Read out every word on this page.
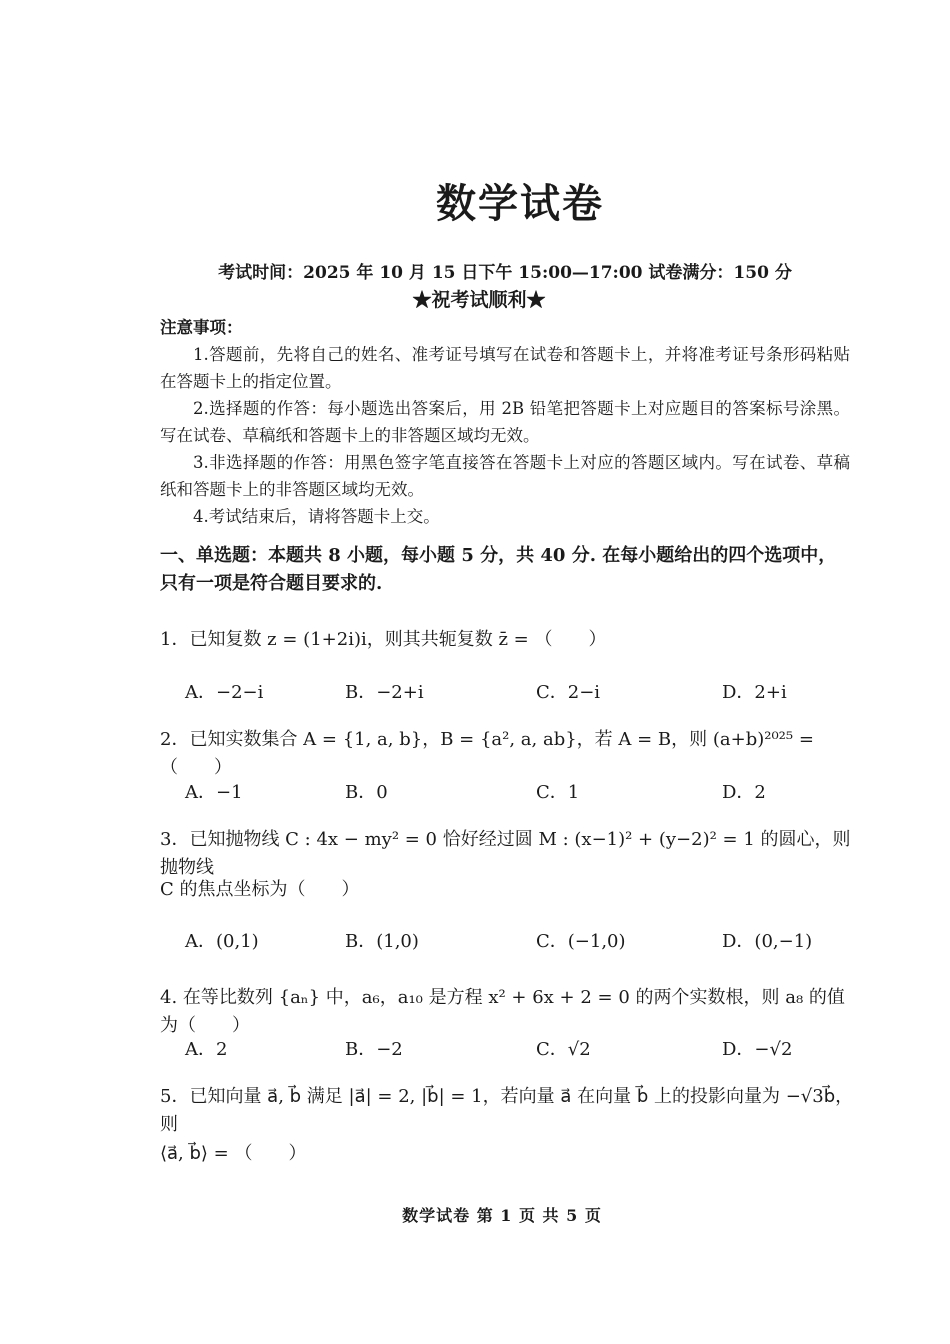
数学试卷
考试时间：2025 年 10 月 15 日下午 15:00—17:00 试卷满分：150 分
★祝考试顺利★
注意事项：
1.答题前，先将自己的姓名、准考证号填写在试卷和答题卡上，并将准考证号条形码粘贴在答题卡上的指定位置。
2.选择题的作答：每小题选出答案后，用 2B 铅笔把答题卡上对应题目的答案标号涂黑。写在试卷、草稿纸和答题卡上的非答题区域均无效。
3.非选择题的作答：用黑色签字笔直接答在答题卡上对应的答题区域内。写在试卷、草稿纸和答题卡上的非答题区域均无效。
4.考试结束后，请将答题卡上交。
一、单选题：本题共 8 小题，每小题 5 分，共 40 分. 在每小题给出的四个选项中，只有一项是符合题目要求的.
1．已知复数 z = (1+2i)i，则其共轭复数 z̄ = （　　）
A．−2−i	B．−2+i	C．2−i	D．2+i
2．已知实数集合 A = {1, a, b}，B = {a², a, ab}，若 A = B，则 (a+b)²⁰²⁵ = （　　）
A．−1	B．0	C．1	D．2
3．已知抛物线 C : 4x − my² = 0 恰好经过圆 M : (x−1)² + (y−2)² = 1 的圆心，则抛物线
C 的焦点坐标为（　　）
A．(0,1)	B．(1,0)	C．(−1,0)	D．(0,−1)
4. 在等比数列 {aₙ} 中，a₆，a₁₀ 是方程 x² + 6x + 2 = 0 的两个实数根，则 a₈ 的值为（　　）
A．2	B．−2	C．√2	D．−√2
5．已知向量 a⃗, b⃗ 满足 |a⃗| = 2, |b⃗| = 1，若向量 a⃗ 在向量 b⃗ 上的投影向量为 −√3b⃗，则
⟨a⃗, b⃗⟩ = （　　）
数学试卷 第 1 页 共 5 页
